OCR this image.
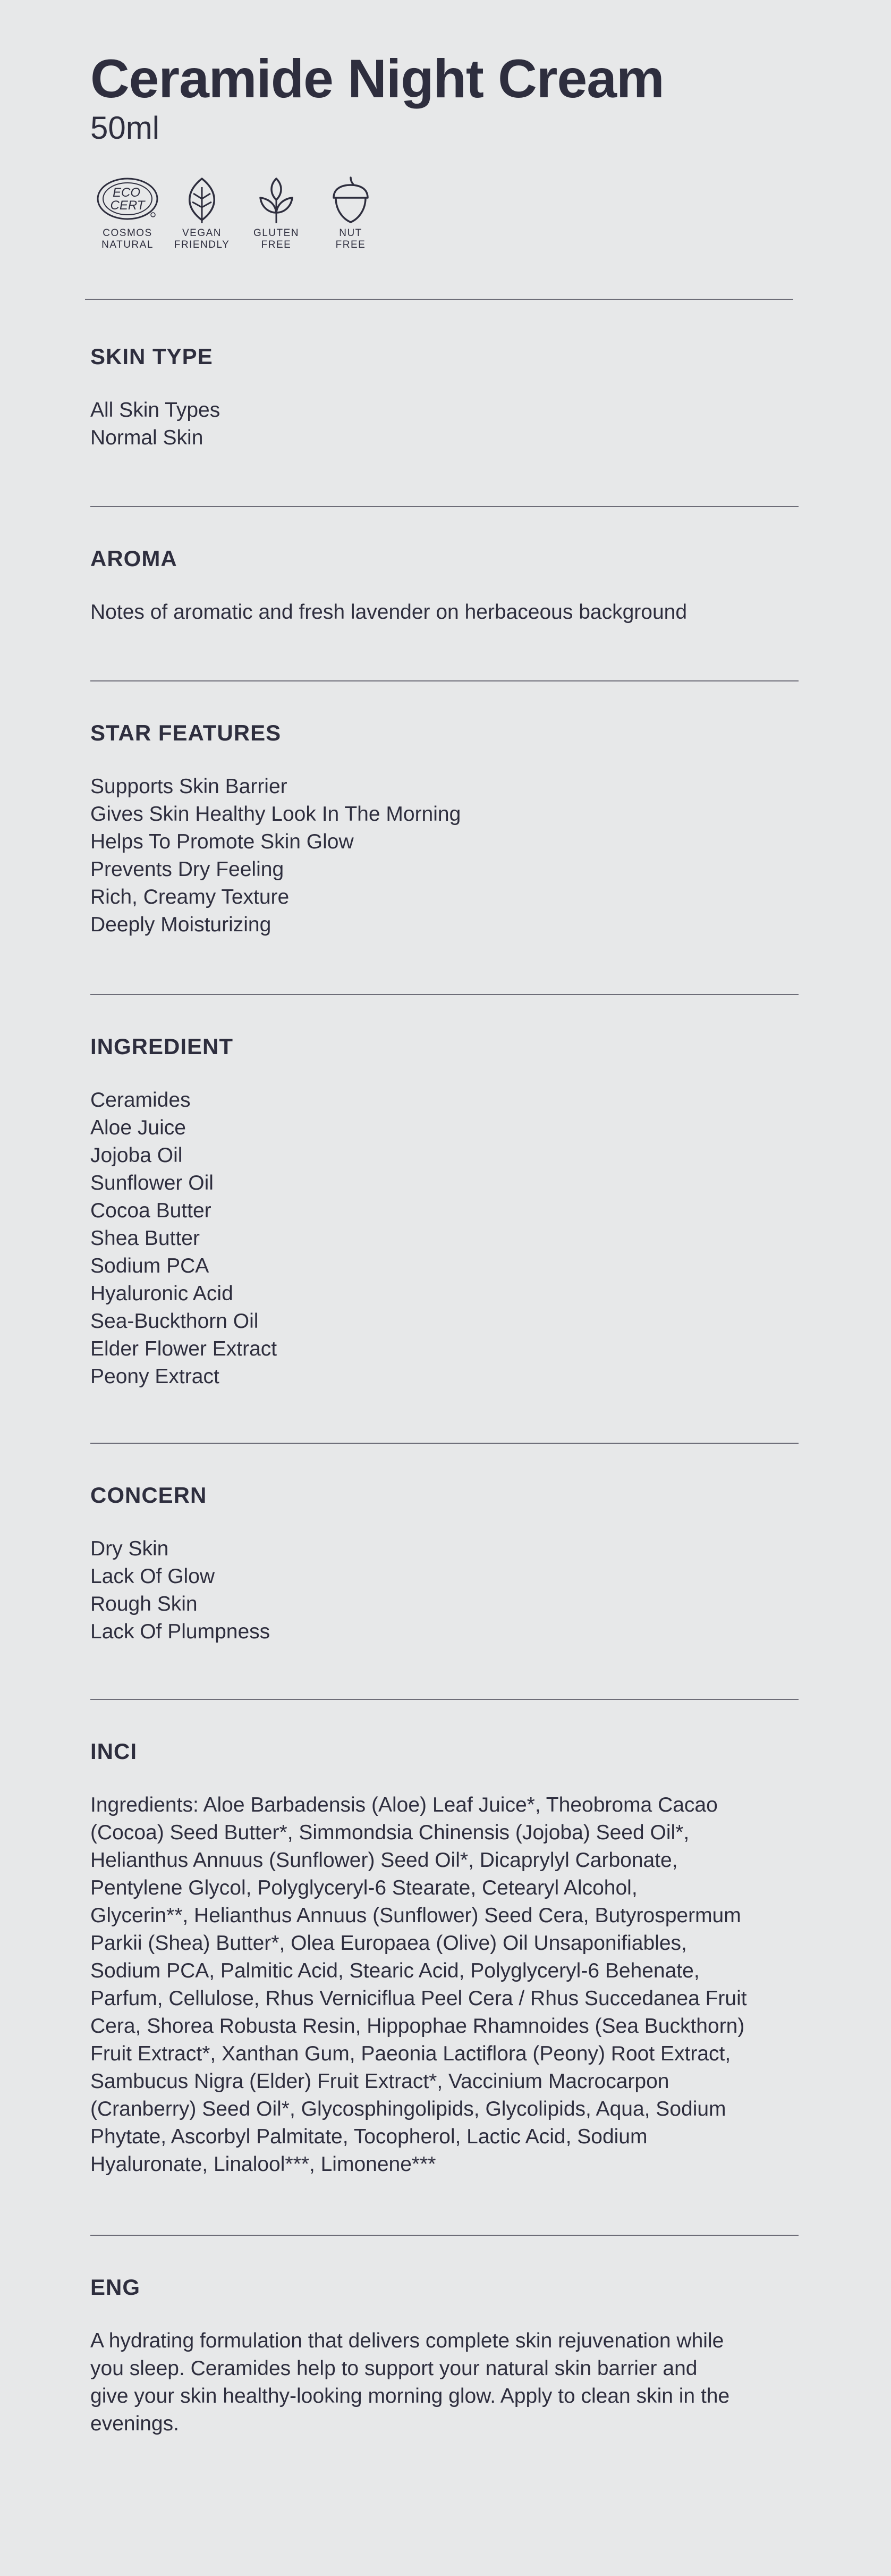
Ceramide Night Cream
50ml
ECO
CERT
COSMOS
NATURAL
VEGAN
FRIENDLY
GLUTEN
FREE
NUT
FREE
SKIN TYPE
All Skin Types
Normal Skin
AROMA

Notes of aromatic and fresh lavender on herbaceous background

STAR FEATURES
Supports Skin Barrier
Gives Skin Healthy Look In The Morning
Helps To Promote Skin Glow
Prevents Dry Feeling
Rich, Creamy Texture
Deeply Moisturizing
INGREDIENT
Ceramides
Aloe Juice
Jojoba Oil
Sunflower Oil
Cocoa Butter
Shea Butter
Sodium PCA
Hyaluronic Acid
Sea-Buckthorn Oil
Elder Flower Extract
Peony Extract
CONCERN
Dry Skin
Lack Of Glow
Rough Skin
Lack Of Plumpness
INCI
Ingredients: Aloe Barbadensis (Aloe) Leaf Juice*, Theobroma Cacao
(Cocoa) Seed Butter*, Simmondsia Chinensis (Jojoba) Seed Oil*,
Helianthus Annuus (Sunflower) Seed Oil*, Dicaprylyl Carbonate,
Pentylene Glycol, Polyglyceryl-6 Stearate, Cetearyl Alcohol,
Glycerin**, Helianthus Annuus (Sunflower) Seed Cera, Butyrospermum
Parkii (Shea) Butter*, Olea Europaea (Olive) Oil Unsaponifiables,
Sodium PCA, Palmitic Acid, Stearic Acid, Polyglyceryl-6 Behenate,
Parfum, Cellulose, Rhus Verniciflua Peel Cera / Rhus Succedanea Fruit
Cera, Shorea Robusta Resin, Hippophae Rhamnoides (Sea Buckthorn)
Fruit Extract*, Xanthan Gum, Paeonia Lactiflora (Peony) Root Extract,
Sambucus Nigra (Elder) Fruit Extract*, Vaccinium Macrocarpon
(Cranberry) Seed Oil*, Glycosphingolipids, Glycolipids, Aqua, Sodium
Phytate, Ascorbyl Palmitate, Tocopherol, Lactic Acid, Sodium
Hyaluronate, Linalool***, Limonene***
ENG
A hydrating formulation that delivers complete skin rejuvenation while
you sleep. Ceramides help to support your natural skin barrier and
give your skin healthy-looking morning glow. Apply to clean skin in the
evenings.
